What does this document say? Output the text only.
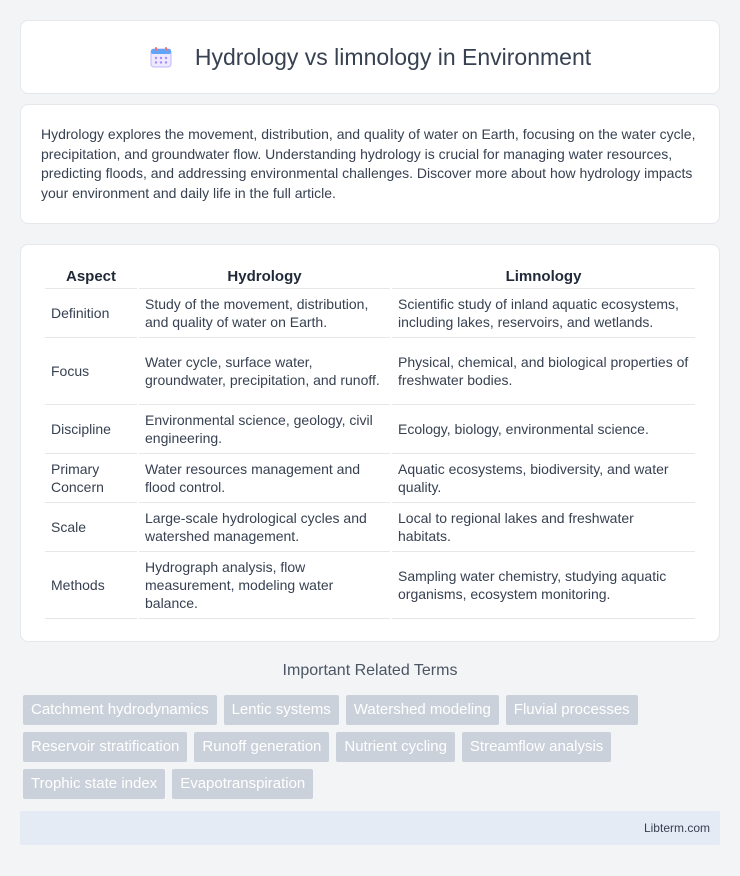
Hydrology vs limnology in Environment

Hydrology explores the movement, distribution, and quality of water on Earth, focusing on the water cycle, precipitation, and groundwater flow. Understanding hydrology is crucial for managing water resources, predicting floods, and addressing environmental challenges. Discover more about how hydrology impacts your environment and daily life in the full article.

Aspect	Hydrology	Limnology
Definition	Study of the movement, distribution, and quality of water on Earth.	Scientific study of inland aquatic ecosystems, including lakes, reservoirs, and wetlands.
Focus	Water cycle, surface water, groundwater, precipitation, and runoff.	Physical, chemical, and biological properties of freshwater bodies.
Discipline	Environmental science, geology, civil engineering.	Ecology, biology, environmental science.
Primary Concern	Water resources management and flood control.	Aquatic ecosystems, biodiversity, and water quality.
Scale	Large-scale hydrological cycles and watershed management.	Local to regional lakes and freshwater habitats.
Methods	Hydrograph analysis, flow measurement, modeling water balance.	Sampling water chemistry, studying aquatic organisms, ecosystem monitoring.
Important Related Terms
Catchment hydrodynamics	Lentic systems	Watershed modeling	Fluvial processes
Reservoir stratification	Runoff generation	Nutrient cycling	Streamflow analysis
Trophic state index	Evapotranspiration
Libterm.com
